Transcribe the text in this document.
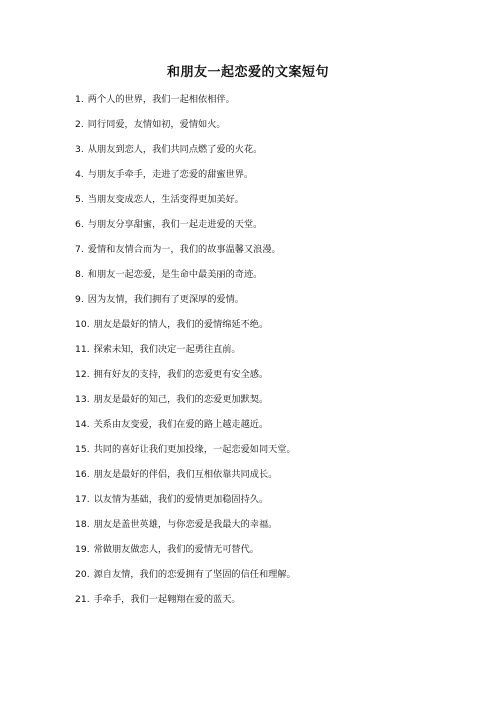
和朋友一起恋爱的文案短句
1. 两个人的世界，我们一起相依相伴。
2. 同行同爱，友情如初，爱情如火。
3. 从朋友到恋人，我们共同点燃了爱的火花。
4. 与朋友手牵手，走进了恋爱的甜蜜世界。
5. 当朋友变成恋人，生活变得更加美好。
6. 与朋友分享甜蜜，我们一起走进爱的天堂。
7. 爱情和友情合而为一，我们的故事温馨又浪漫。
8. 和朋友一起恋爱，是生命中最美丽的奇迹。
9. 因为友情，我们拥有了更深厚的爱情。
10. 朋友是最好的情人，我们的爱情绵延不绝。
11. 探索未知，我们决定一起勇往直前。
12. 拥有好友的支持，我们的恋爱更有安全感。
13. 朋友是最好的知己，我们的恋爱更加默契。
14. 关系由友变爱，我们在爱的路上越走越近。
15. 共同的喜好让我们更加投缘，一起恋爱如同天堂。
16. 朋友是最好的伴侣，我们互相依靠共同成长。
17. 以友情为基础，我们的爱情更加稳固持久。
18. 朋友是盖世英雄，与你恋爱是我最大的幸福。
19. 常做朋友做恋人，我们的爱情无可替代。
20. 源自友情，我们的恋爱拥有了坚固的信任和理解。
21. 手牵手，我们一起翱翔在爱的蓝天。
